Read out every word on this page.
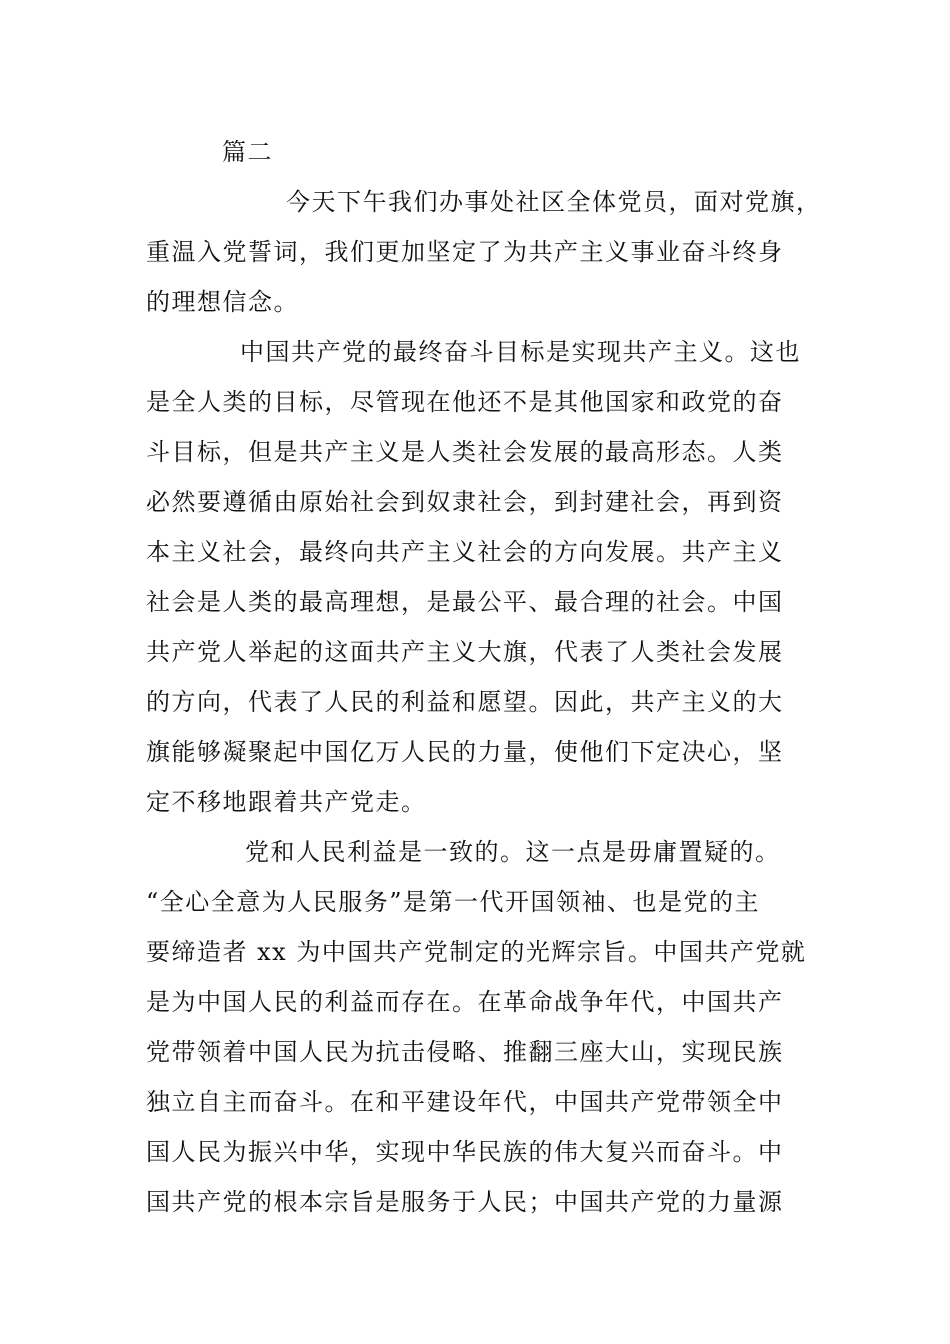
篇二
今天下午我们办事处社区全体党员，面对党旗，
重温入党誓词，我们更加坚定了为共产主义事业奋斗终身
的理想信念。
中国共产党的最终奋斗目标是实现共产主义。这也
是全人类的目标，尽管现在他还不是其他国家和政党的奋
斗目标，但是共产主义是人类社会发展的最高形态。人类
必然要遵循由原始社会到奴隶社会，到封建社会，再到资
本主义社会，最终向共产主义社会的方向发展。共产主义
社会是人类的最高理想，是最公平、最合理的社会。中国
共产党人举起的这面共产主义大旗，代表了人类社会发展
的方向，代表了人民的利益和愿望。因此，共产主义的大
旗能够凝聚起中国亿万人民的力量，使他们下定决心，坚
定不移地跟着共产党走。
党和人民利益是一致的。这一点是毋庸置疑的。
“全心全意为人民服务”是第一代开国领袖、也是党的主
要缔造者 xx 为中国共产党制定的光辉宗旨。中国共产党就
是为中国人民的利益而存在。在革命战争年代，中国共产
党带领着中国人民为抗击侵略、推翻三座大山，实现民族
独立自主而奋斗。在和平建设年代，中国共产党带领全中
国人民为振兴中华，实现中华民族的伟大复兴而奋斗。中
国共产党的根本宗旨是服务于人民；中国共产党的力量源
